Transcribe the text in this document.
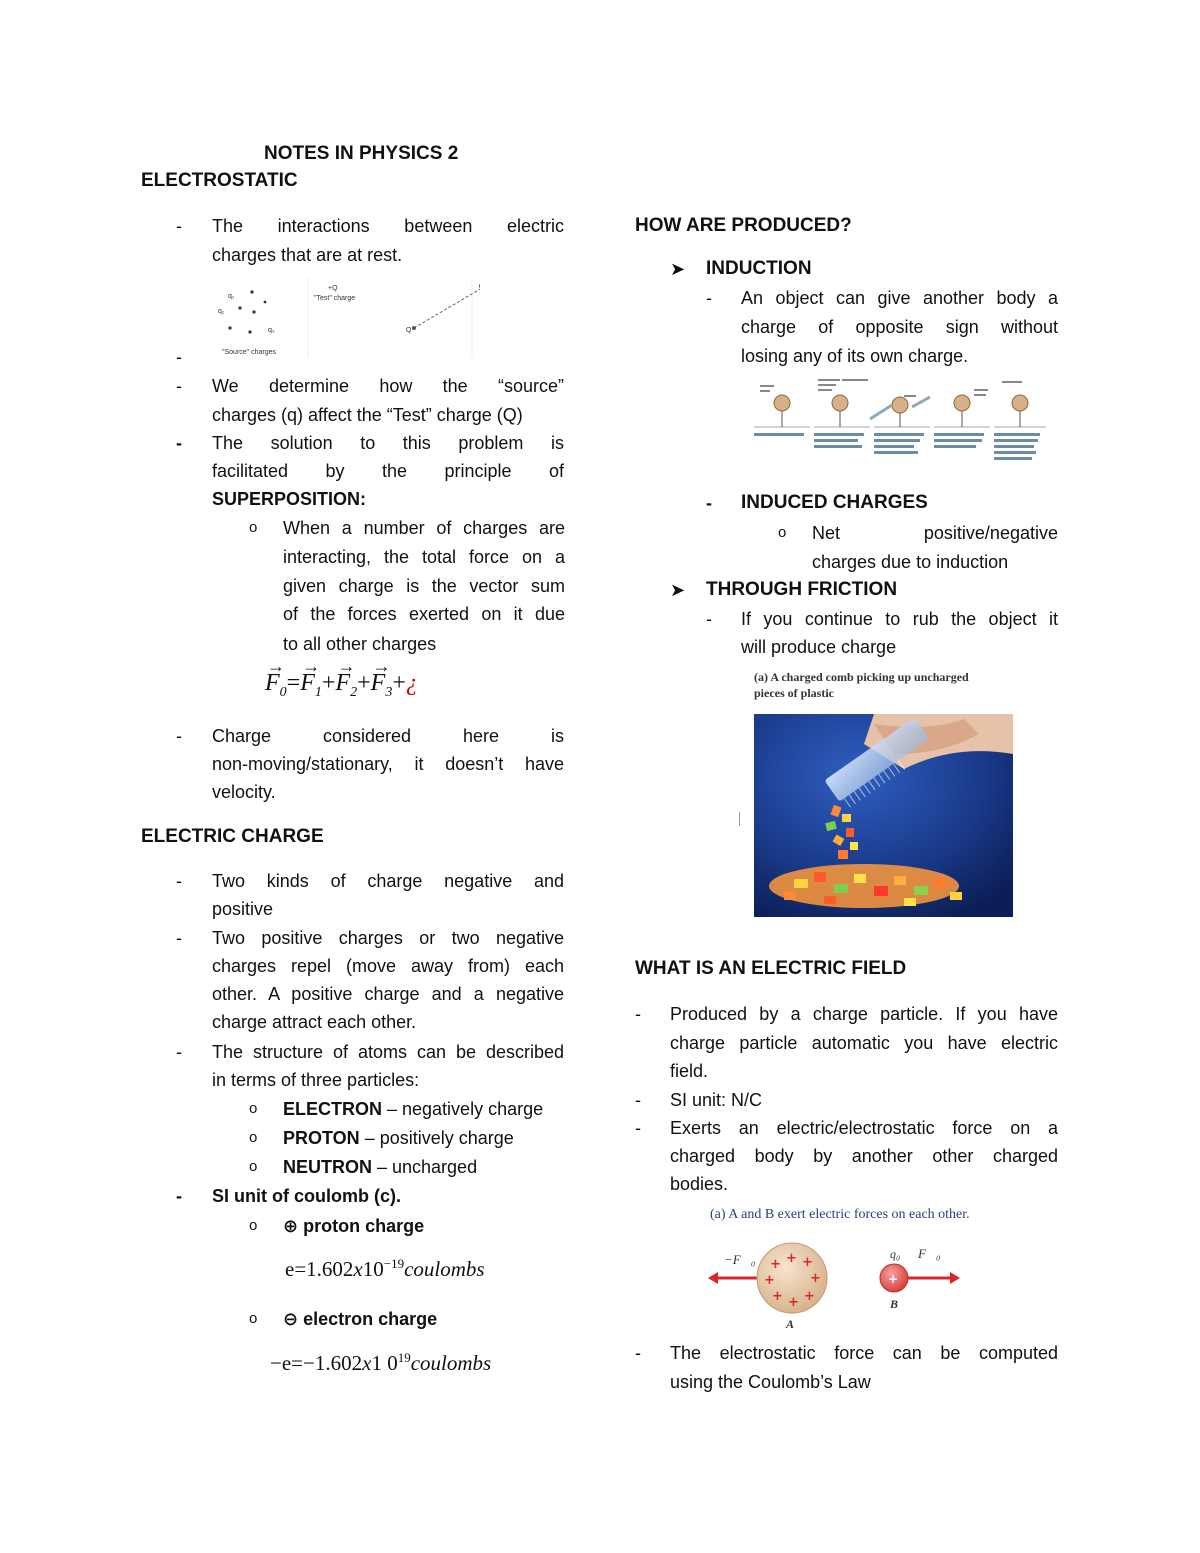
NOTES IN PHYSICS 2
ELECTROSTATIC
- The interactions between electric
charges that are at rest.
q₁
q₂
q₃
"Source" charges
+Q
"Test" charge
Q
-
- We determine how the “source”
charges (q) affect the “Test” charge (Q)
- The solution to this problem is
facilitated by the principle of
SUPERPOSITION:
o When a number of charges are
interacting, the total force on a
given charge is the vector sum
of the forces exerted on it due
to all other charges
→
$F_0=$
→
$F_1+$
→
$F_2+$
→
$F_3+¿$
- Charge considered here is
non-moving/stationary, it doesn’t have
velocity.
ELECTRIC CHARGE
- Two kinds of charge negative and
positive
- Two positive charges or two negative
charges repel (move away from) each
other. A positive charge and a negative
charge attract each other.
- The structure of atoms can be described
in terms of three particles:
o ELECTRON – negatively charge
o PROTON – positively charge
o NEUTRON – uncharged
- SI unit of coulomb (c).
o ⊕ proton charge
$e=1.602x10^{-19}coulombs$
o ⊖ electron charge
−e=−1.602x1 $0^{19}coulombs$
HOW ARE PRODUCED?
➤ INDUCTION
- An object can give another body a
charge of opposite sign without
losing any of its own charge.
- INDUCED CHARGES
o Net positive/negative
charges due to induction
➤ THROUGH FRICTION
- If you continue to rub the object it
will produce charge
(a) A charged comb picking up uncharged
pieces of plastic
WHAT IS AN ELECTRIC FIELD
- Produced by a charge particle. If you have
charge particle automatic you have electric
field.
- SI unit: N/C
- Exerts an electric/electrostatic force on a
charged body by another other charged
bodies.
(a) A and B exert electric forces on each other.
−F⃗₀ + + +
+	+
+ + +
A
q₀ F⃗₀
+
B
- The electrostatic force can be computed
using the Coulomb’s Law
